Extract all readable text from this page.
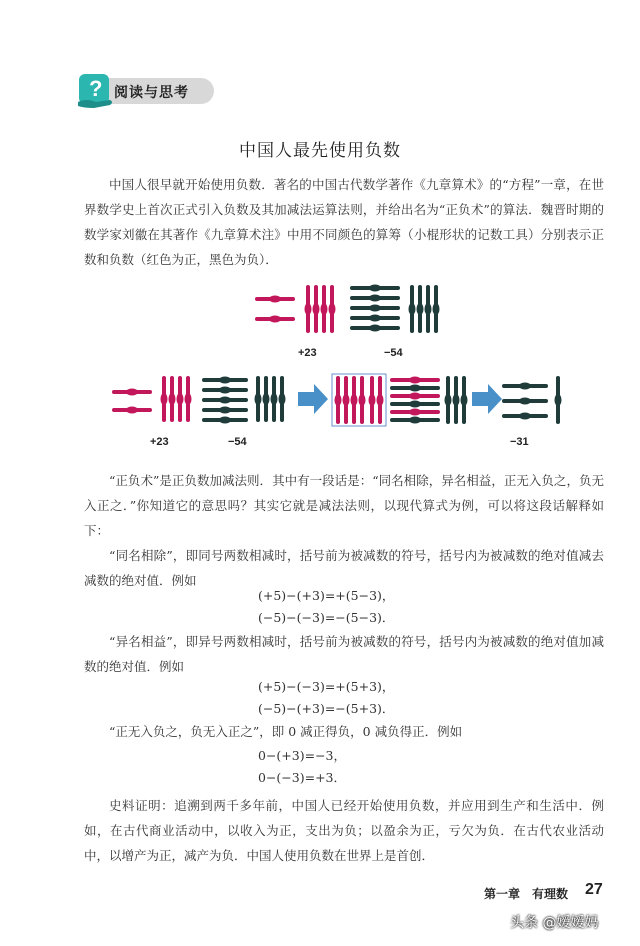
? 阅读与思考
中国人最先使用负数

中国人很早就开始使用负数．著名的中国古代数学著作《九章算术》的“方程”一章，在世界数学史上首次正式引入负数及其加减法运算法则，并给出名为“正负术”的算法．魏晋时期的数学家刘徽在其著作《九章算术注》中用不同颜色的算筹（小棍形状的记数工具）分别表示正数和负数（红色为正，黑色为负）．

+23	−54
+23	−54	−31

“正负术”是正负数加减法则．其中有一段话是：“同名相除，异名相益，正无入负之，负无入正之．”你知道它的意思吗？其实它就是减法法则，以现代算式为例，可以将这段话解释如下：

“同名相除”，即同号两数相减时，括号前为被减数的符号，括号内为被减数的绝对值减去减数的绝对值．例如

(+5)−(+3)=+(5−3)，
(−5)−(−3)=−(5−3)．

“异名相益”，即异号两数相减时，括号前为被减数的符号，括号内为被减数的绝对值加减数的绝对值．例如

(+5)−(−3)=+(5+3)，
(−5)−(+3)=−(5+3)．

“正无入负之，负无入正之”，即 0 减正得负，0 减负得正．例如

0−(+3)=−3，
0−(−3)=+3．

史料证明：追溯到两千多年前，中国人已经开始使用负数，并应用到生产和生活中．例如，在古代商业活动中，以收入为正，支出为负；以盈余为正，亏欠为负．在古代农业活动中，以增产为正，减产为负．中国人使用负数在世界上是首创．

第一章　有理数 27
头条 @嫒嫒妈
